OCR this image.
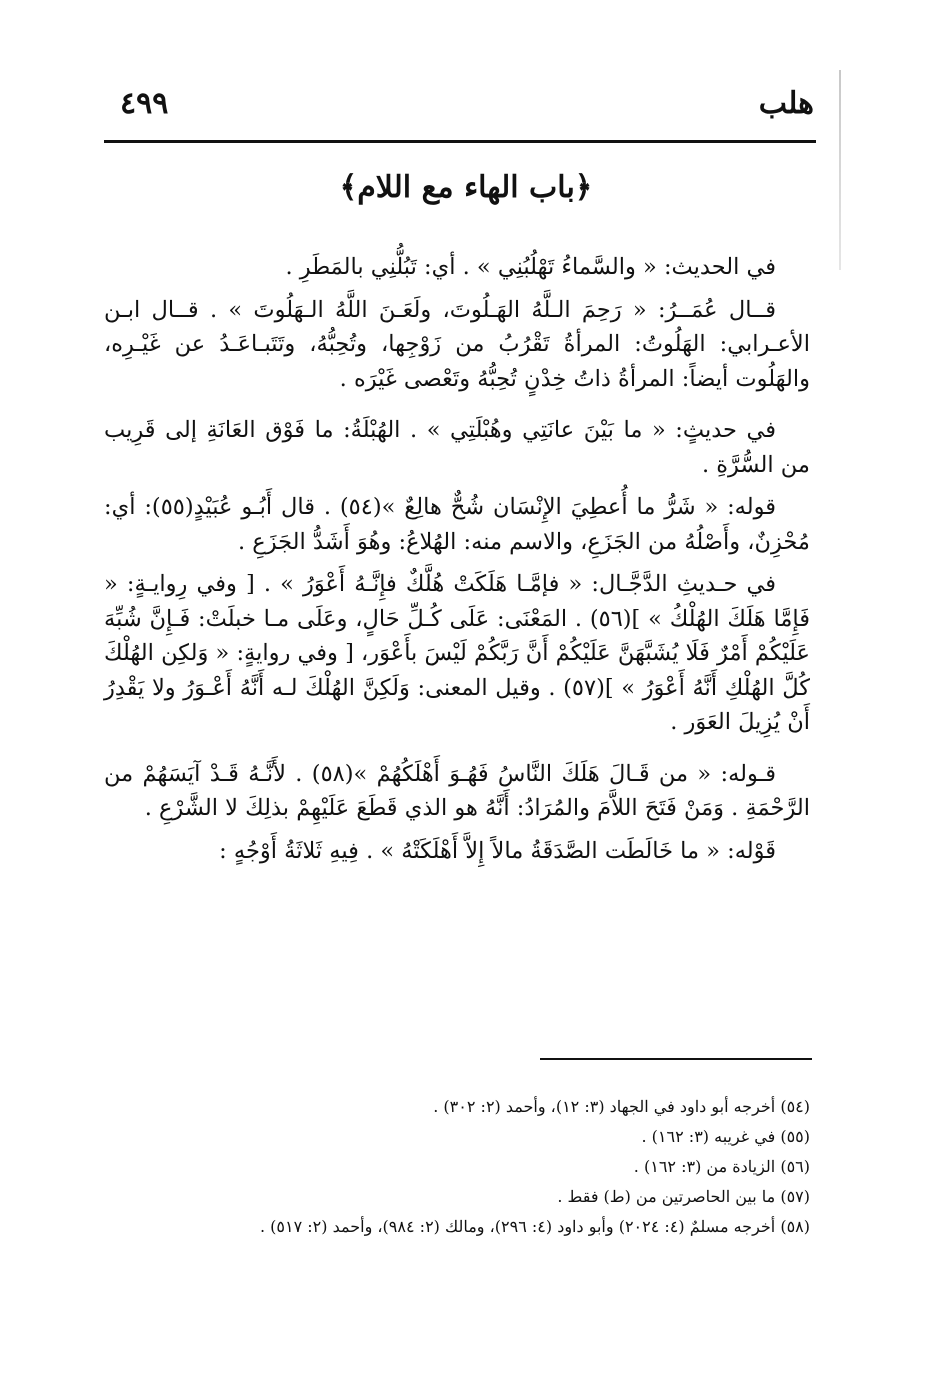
هلب
٤٩٩
﴿باب الهاء مع اللام﴾

في الحديث: « والسَّماءُ تَهْلُبُنِي » . أي: تَبُلُّنِي بالمَطَرِ .

قــال عُمَــرُ: « رَحِمَ الـلَّهُ الهَـلُوتَ، ولَعَـنَ اللَّهُ الـهَلُوتَ » . قــال ابـن الأعـرابي: الهَلُوتُ: المرأةُ تَقْرُبُ من زَوْجِها، وتُحِبُّهُ، وتَتَبـاعَـدُ عن غَيْـرِه، والهَلُوت أيضاً: المرأةُ ذاتُ خِدْنٍ تُحِبُّهُ وتَعْصى غَيْرَه .

في حديثٍ: « ما بَيْنَ عانَتِي وهُبْلَتِي » . الهُبْلَةُ: ما فَوْق العَانَةِ إلى قَرِيب من السُّرَّةِ .

قوله: « شَرُّ ما أُعطِيَ الإِنْسَان شُحٌّ هالِعٌ »(٥٤) . قال أَبُـو عُبَيْدٍ(٥٥): أي: مُحْزِنٌ، وأَصْلُهُ من الجَزَعِ، والاسم منه: الهُلاعُ: وهُوَ أَشَدُّ الجَزَعِ .

في حـديثِ الدَّجَّـال: « فإمَّـا هَلَكَتْ هُلَّكٌ فإِنَّـهُ أَعْوَرُ » . [ وفي رِوايـةٍ: « فَإِمَّا هَلَكَ الهُلْكُ » ](٥٦) . المَعْنَى: عَلَى كُـلِّ حَالٍ، وعَلَى مـا خبلَتْ: فَـإِنَّ شُبِّهَ عَلَيْكُمْ أَمْرٌ فَلَا يُشَبَّهَنَّ عَلَيْكُمْ أَنَّ رَبَّكُمْ لَيْسَ بأَعْوَر، [ وفي روايةٍ: « وَلكِن الهُلْكَ كُلَّ الهُلْكِ أَنَّهُ أَعْوَرُ » ](٥٧) . وقيل المعنى: وَلَكِنَّ الهُلْكَ لـه أَنَّهُ أَعْـوَرُ ولا يَقْدِرُ أَنْ يُزِيلَ العَوَر .

قـوله: « من قَـالَ هَلَكَ النَّاسُ فَهُـوَ أَهْلَكُهُمْ »(٥٨) . لأَنَّـهُ قَـدْ آيَسَهُمْ من الرَّحْمَةِ . وَمَنْ فَتَحَ اللاَّمَ والمُرَادُ: أَنَّهُ هو الذي قَطَعَ عَلَيْهِمْ بذلِكَ لا الشَّرْعِ .

قَوْله: « ما خَالَطَت الصَّدَقَةُ مالاً إِلاَّ أَهْلَكَتْهُ » . فِيهِ ثَلاثَةُ أَوْجُهٍ :

(٥٤) أخرجه أبو داود في الجهاد (٣: ١٢)، وأحمد (٢: ٣٠٢) .

(٥٥) في غريبه (٣: ١٦٢) .

(٥٦) الزيادة من (٣: ١٦٢) .

(٥٧) ما بين الحاصرتين من (ط) فقط .

(٥٨) أخرجه مسلمٌ (٤: ٢٠٢٤) وأبو داود (٤: ٢٩٦)، ومالك (٢: ٩٨٤)، وأحمد (٢: ٥١٧) .
